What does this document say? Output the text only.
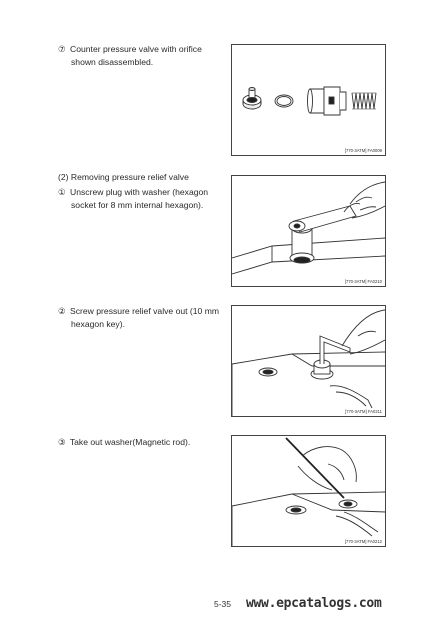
⑦ Counter pressure valve with orifice
shown disassembled.
[770-3ATM] FA0009
(2) Removing pressure relief valve
① Unscrew plug with washer (hexagon
socket for 8 mm internal hexagon).
[770-3ATM] FA0210
② Screw pressure relief valve out (10 mm
hexagon key).
[770-3ATM] FA0211
③ Take out washer(Magnetic rod).
[770-3ATM] FA0212
5-35 www.epcatalogs.com
